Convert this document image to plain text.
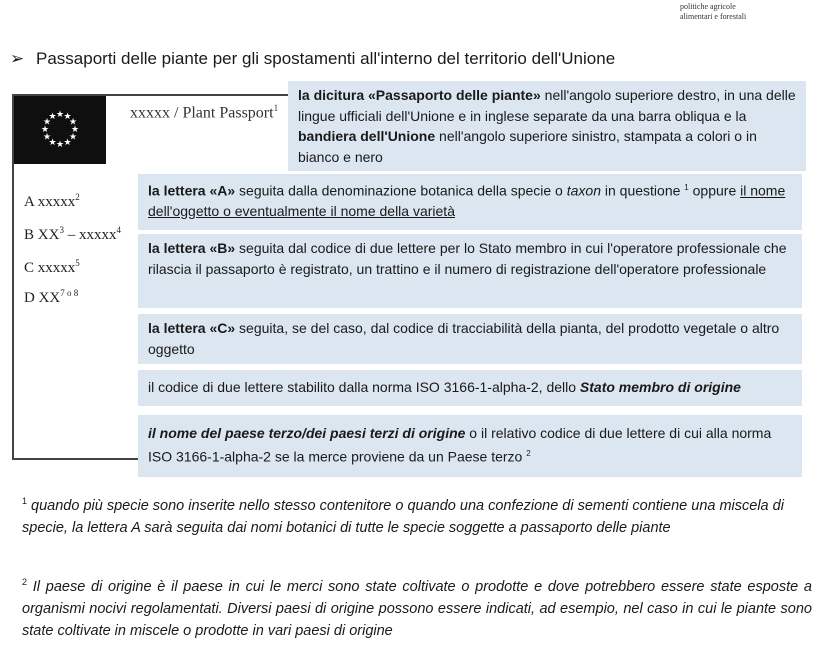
politiche agricole
alimentari e forestali
➢ Passaporti delle piante per gli spostamenti all'interno del territorio dell'Unione
★ ★
★
★
★
★
★
★
★
★
★
★	xxxxx / Plant Passport$^1$
A xxxxx$^2$
B $XX^3$ – xxxxx$^4$
C xxxxx$^5$
D $XX^{7 o 8}$
la dicitura «Passaporto delle piante» nell'angolo superiore destro, in una delle lingue ufficiali dell'Unione e in inglese separate da una barra obliqua e la bandiera dell'Unione nell'angolo superiore sinistro, stampata a colori o in bianco e nero
la lettera «A» seguita dalla denominazione botanica della specie o taxon in questione $^1$ oppure il nome dell'oggetto o eventualmente il nome della varietà
la lettera «B» seguita dal codice di due lettere per lo Stato membro in cui l'operatore professionale che rilascia il passaporto è registrato, un trattino e il numero di registrazione dell'operatore professionale
la lettera «C» seguita, se del caso, dal codice di tracciabilità della pianta, del prodotto vegetale o altro oggetto
il codice di due lettere stabilito dalla norma ISO 3166-1-alpha-2, dello Stato membro di origine
il nome del paese terzo/dei paesi terzi di origine o il relativo codice di due lettere di cui alla norma ISO 3166-1-alpha-2 se la merce proviene da un Paese terzo $^2$
$^1$ quando più specie sono inserite nello stesso contenitore o quando una confezione di sementi contiene una miscela di specie, la lettera A sarà seguita dai nomi botanici di tutte le specie soggette a passaporto delle piante
$^2$ Il paese di origine è il paese in cui le merci sono state coltivate o prodotte e dove potrebbero essere state esposte a organismi nocivi regolamentati. Diversi paesi di origine possono essere indicati, ad esempio, nel caso in cui le piante sono state coltivate in miscele o prodotte in vari paesi di origine
